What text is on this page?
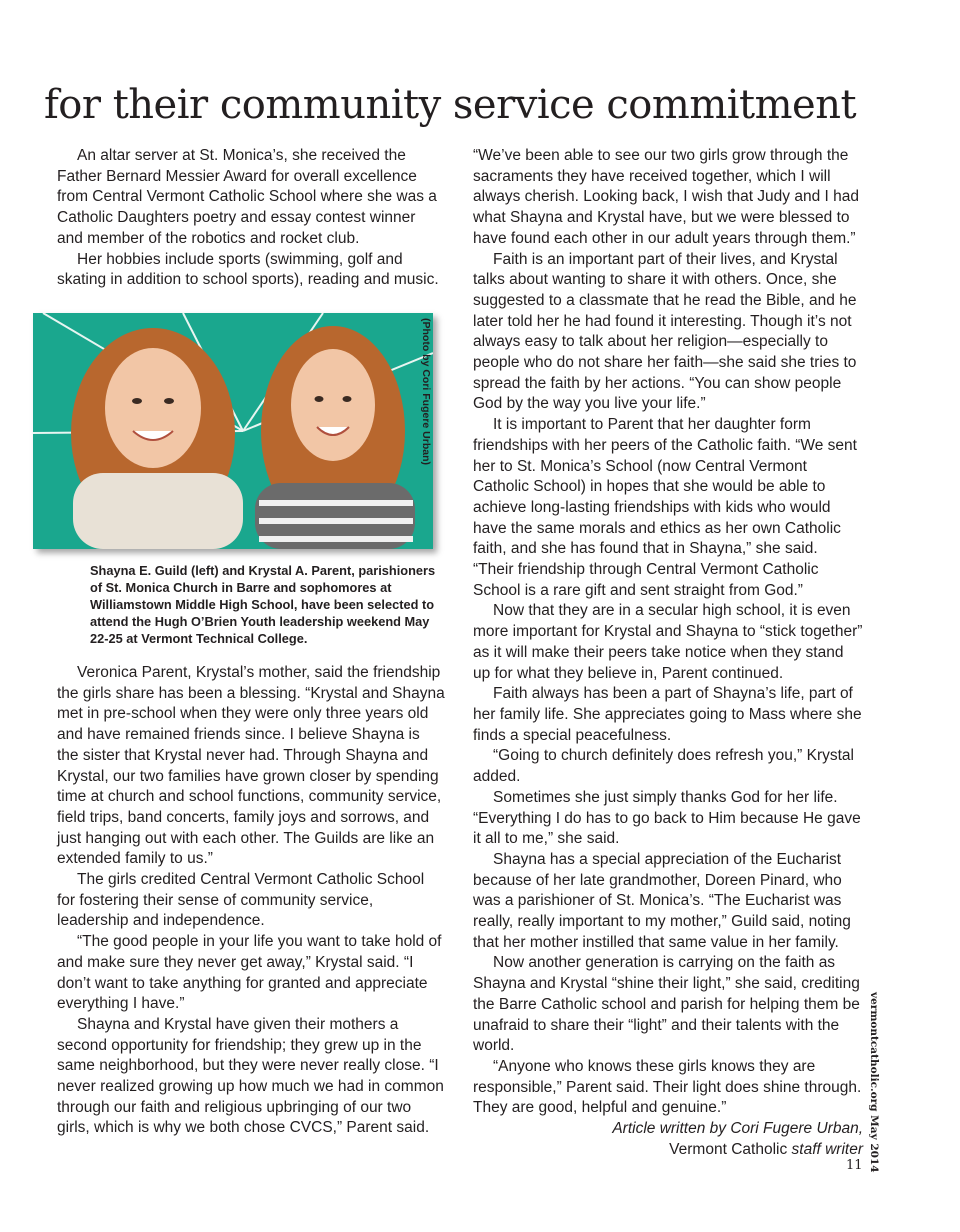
for their community service commitment

An altar server at St. Monica’s, she received the Father Bernard Messier Award for overall excellence from Central Vermont Catholic School where she was a Catholic Daughters poetry and essay contest winner and member of the robotics and rocket club.

Her hobbies include sports (swimming, golf and skating in addition to school sports), reading and music.

(Photo by Cori Fugere Urban)
Shayna E. Guild (left) and Krystal A. Parent, parishioners of St. Monica Church in Barre and sophomores at Williamstown Middle High School, have been selected to attend the Hugh O’Brien Youth leadership weekend May 22-25 at Vermont Technical College.

Veronica Parent, Krystal’s mother, said the friendship the girls share has been a blessing. “Krystal and Shayna met in pre-school when they were only three years old and have remained friends since. I believe Shayna is the sister that Krystal never had. Through Shayna and Krystal, our two families have grown closer by spending time at church and school functions, community service, field trips, band concerts, family joys and sorrows, and just hanging out with each other. The Guilds are like an extended family to us.”

The girls credited Central Vermont Catholic School for fostering their sense of community service, leadership and independence.

“The good people in your life you want to take hold of and make sure they never get away,” Krystal said. “I don’t want to take anything for granted and appreciate everything I have.”

Shayna and Krystal have given their mothers a second opportunity for friendship; they grew up in the same neighborhood, but they were never really close. “I never realized growing up how much we had in common through our faith and religious upbringing of our two girls, which is why we both chose CVCS,” Parent said.

“We’ve been able to see our two girls grow through the sacraments they have received together, which I will always cherish. Looking back, I wish that Judy and I had what Shayna and Krystal have, but we were blessed to have found each other in our adult years through them.”

Faith is an important part of their lives, and Krystal talks about wanting to share it with others. Once, she suggested to a classmate that he read the Bible, and he later told her he had found it interesting. Though it’s not always easy to talk about her religion—especially to people who do not share her faith—she said she tries to spread the faith by her actions. “You can show people God by the way you live your life.”

It is important to Parent that her daughter form friendships with her peers of the Catholic faith. “We sent her to St. Monica’s School (now Central Vermont Catholic School) in hopes that she would be able to achieve long-lasting friendships with kids who would have the same morals and ethics as her own Catholic faith, and she has found that in Shayna,” she said.

“Their friendship through Central Vermont Catholic School is a rare gift and sent straight from God.”

Now that they are in a secular high school, it is even more important for Krystal and Shayna to “stick together” as it will make their peers take notice when they stand up for what they believe in, Parent continued.

Faith always has been a part of Shayna’s life, part of her family life. She appreciates going to Mass where she finds a special peacefulness.

“Going to church definitely does refresh you,” Krystal added.

Sometimes she just simply thanks God for her life. “Everything I do has to go back to Him because He gave it all to me,” she said.

Shayna has a special appreciation of the Eucharist because of her late grandmother, Doreen Pinard, who was a parishioner of St. Monica’s. “The Eucharist was really, really important to my mother,” Guild said, noting that her mother instilled that same value in her family.

Now another generation is carrying on the faith as Shayna and Krystal “shine their light,” she said, crediting the Barre Catholic school and parish for helping them be unafraid to share their “light” and their talents with the world.

“Anyone who knows these girls knows they are responsible,” Parent said. Their light does shine through. They are good, helpful and genuine.”

Article written by Cori Fugere Urban,

Vermont Catholic staff writer vermontcatholic.org May 2014
11
